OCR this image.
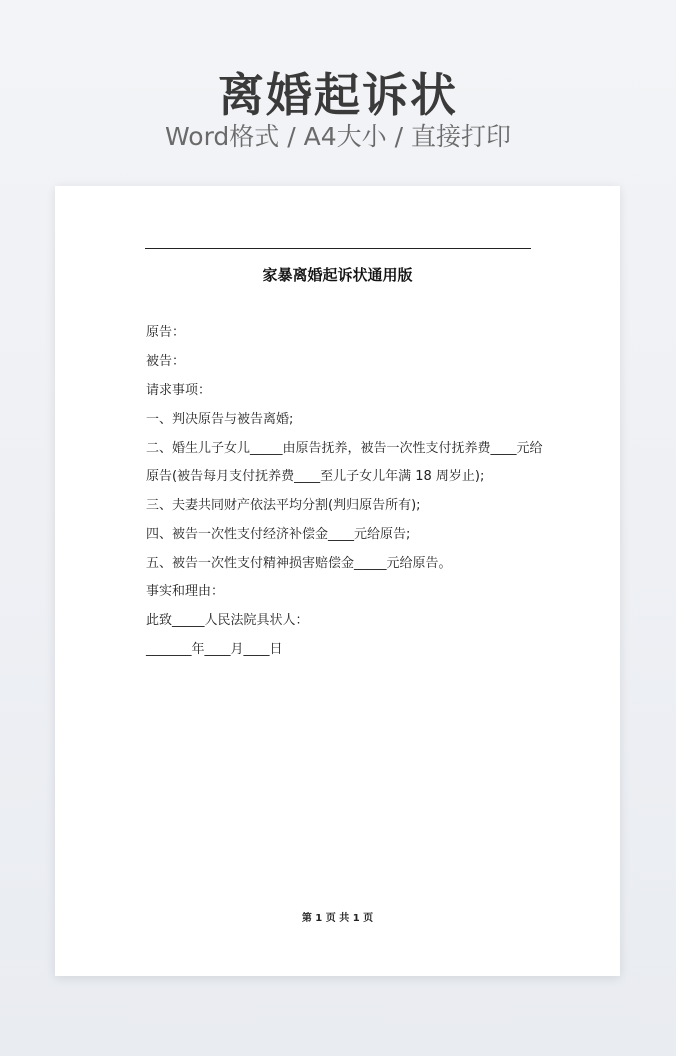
离婚起诉状
Word格式 / A4大小 / 直接打印
家暴离婚起诉状通用版
原告：
被告：
请求事项：
一、判决原告与被告离婚;
二、婚生儿子女儿_____由原告抚养，被告一次性支付抚养费____元给
原告(被告每月支付抚养费____至儿子女儿年满 18 周岁止);
三、夫妻共同财产依法平均分割(判归原告所有);
四、被告一次性支付经济补偿金____元给原告;
五、被告一次性支付精神损害赔偿金_____元给原告。
事实和理由：
此致_____人民法院具状人：
_______年____月____日
第 1 页 共 1 页
